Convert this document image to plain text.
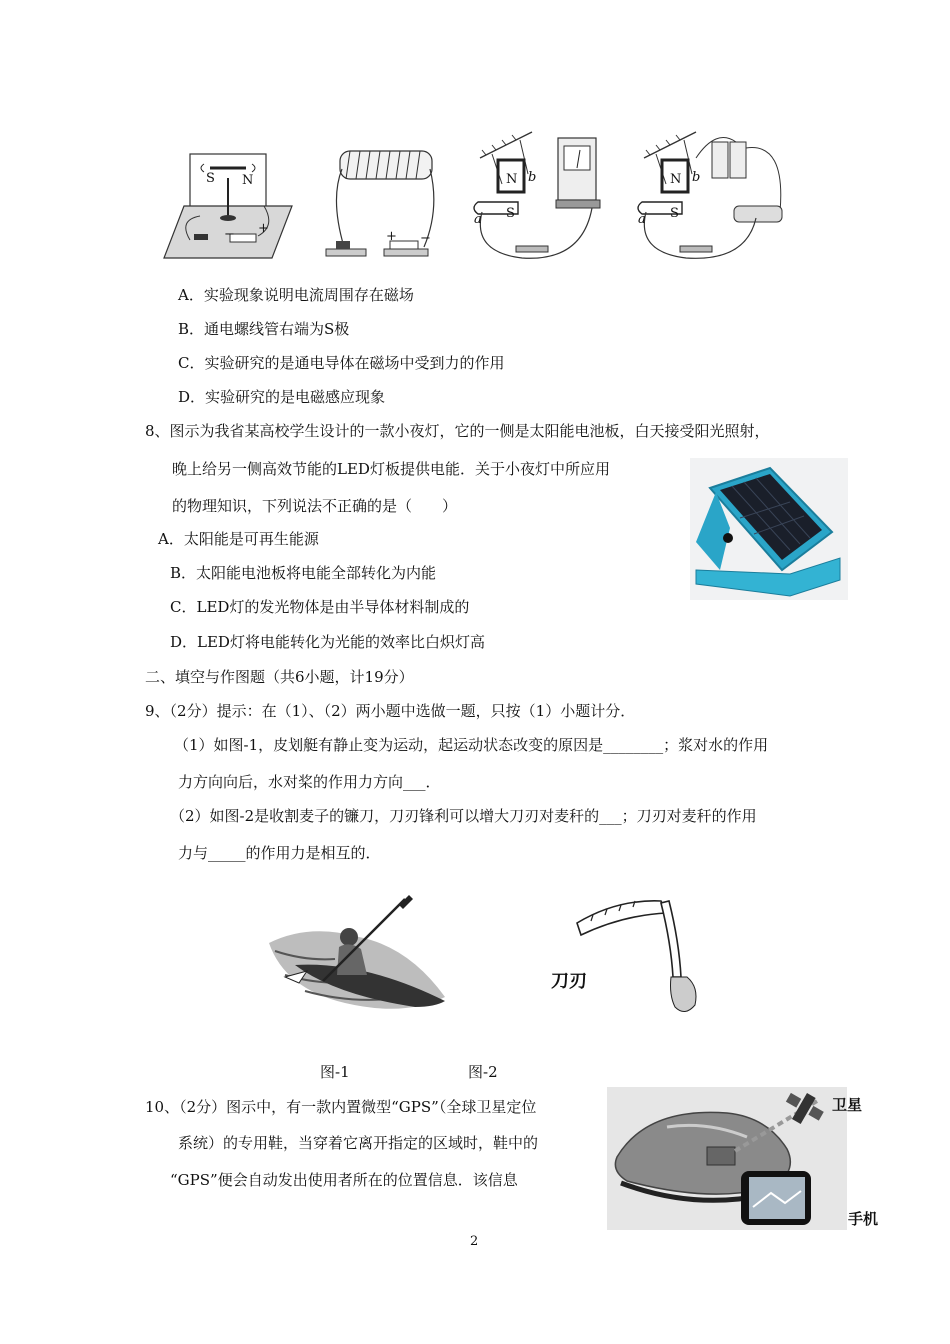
S N
− +
+ −
N b
S
a
N b
S
a
A．实验现象说明电流周围存在磁场
B．通电螺线管右端为S极
C．实验研究的是通电导体在磁场中受到力的作用
D．实验研究的是电磁感应现象
8、图示为我省某高校学生设计的一款小夜灯，它的一侧是太阳能电池板，白天接受阳光照射，
晚上给另一侧高效节能的LED灯板提供电能．关于小夜灯中所应用
的物理知识，下列说法不正确的是（　　）
A．太阳能是可再生能源
B．太阳能电池板将电能全部转化为内能
C．LED灯的发光物体是由半导体材料制成的
D．LED灯将电能转化为光能的效率比白炽灯高
二、填空与作图题（共6小题，计19分）
9、（2分）提示：在（1）、（2）两小题中选做一题，只按（1）小题计分．
（1）如图-1，皮划艇有静止变为运动，起运动状态改变的原因是________；浆对水的作用
力方向向后，水对桨的作用力方向___．
（2）如图-2是收割麦子的镰刀，刀刃锋利可以增大刀刃对麦秆的___；刀刃对麦秆的作用
力与_____的作用力是相互的．
刀刃
图-1	图-2
10、（2分）图示中，有一款内置微型“GPS”（全球卫星定位
系统）的专用鞋，当穿着它离开指定的区域时，鞋中的
“GPS”便会自动发出使用者所在的位置信息．该信息
卫星
手机
2
